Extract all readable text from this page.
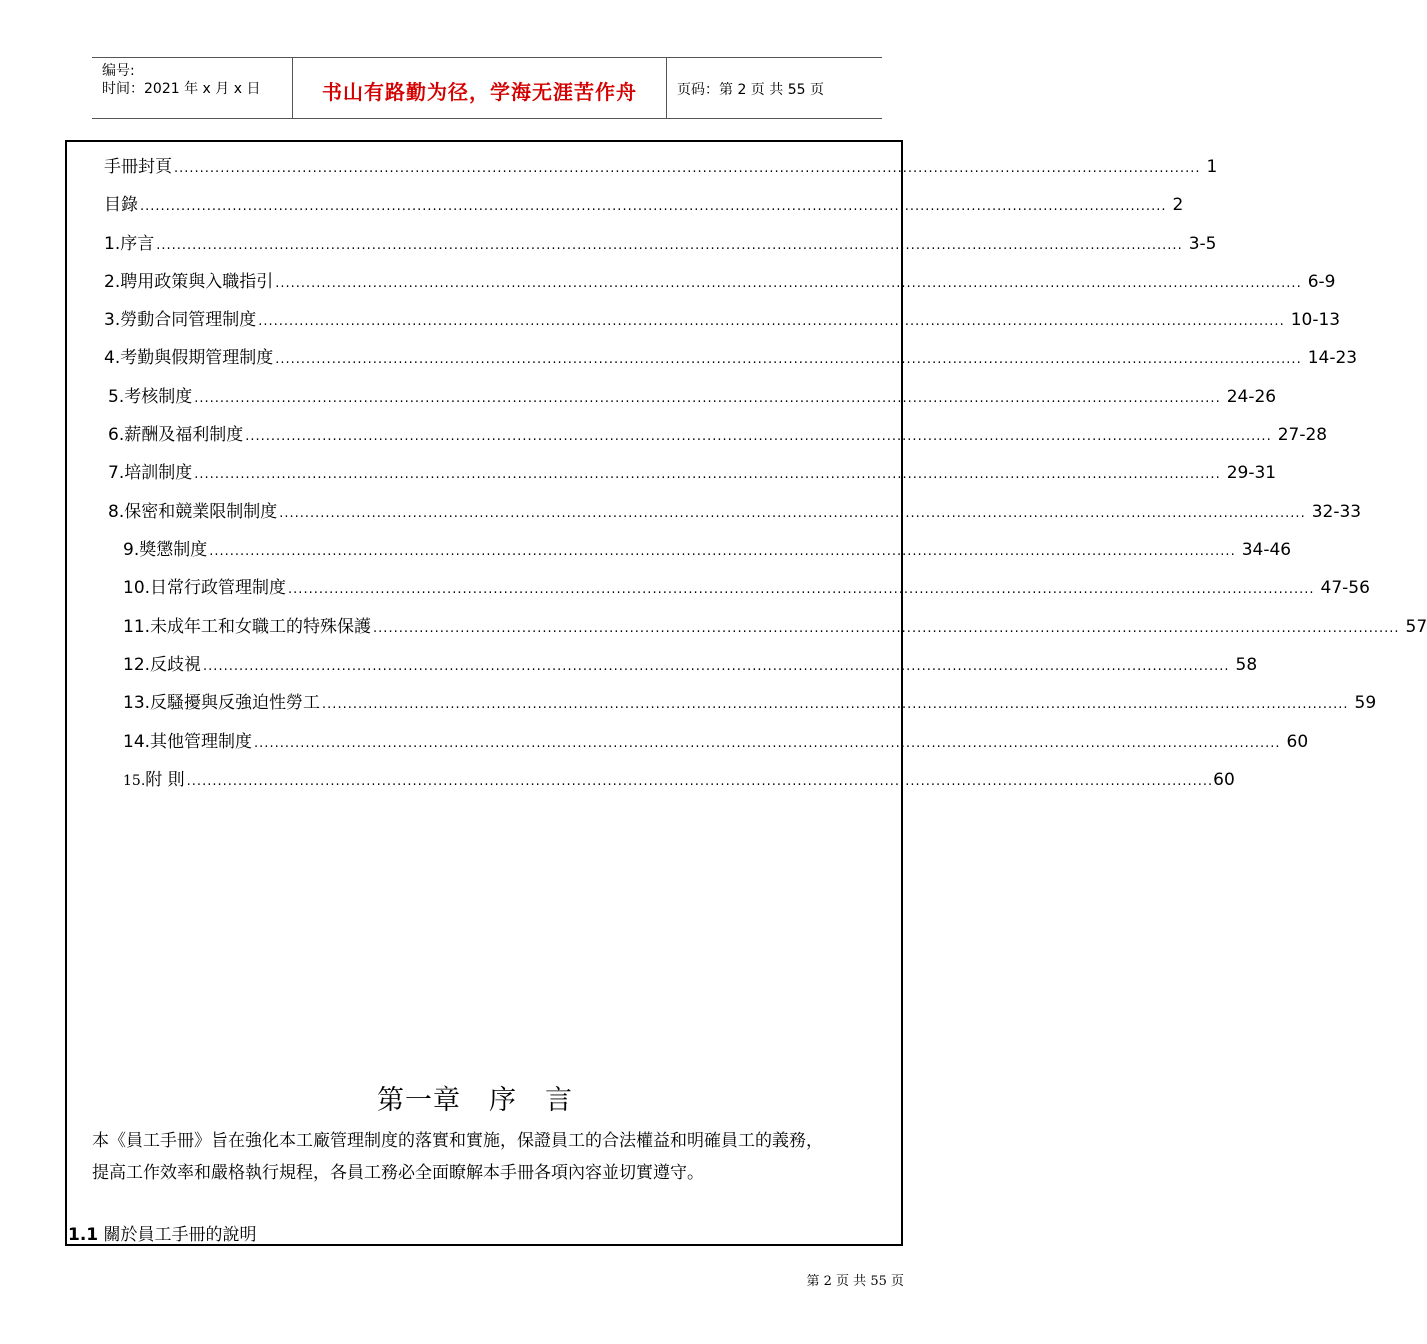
编号:
时间：2021 年 x 月 x 日	书山有路勤为径，学海无涯苦作舟	页码：第 2 页 共 55 页
手冊封頁 ........................................................................................................................................................................................................ 1
目錄 ........................................................................................................................................................................................................ 2
1.序言 ........................................................................................................................................................................................................ 3-5
2.聘用政策與入職指引 ........................................................................................................................................................................................................ 6-9
3.勞動合同管理制度 ........................................................................................................................................................................................................ 10-13
4.考勤與假期管理制度 ........................................................................................................................................................................................................ 14-23
5.考核制度 ........................................................................................................................................................................................................ 24-26
6.薪酬及福利制度 ........................................................................................................................................................................................................ 27-28
7.培訓制度 ........................................................................................................................................................................................................ 29-31
8.保密和競業限制制度 ........................................................................................................................................................................................................ 32-33
9.獎懲制度 ........................................................................................................................................................................................................ 34-46
10.日常行政管理制度 ........................................................................................................................................................................................................ 47-56
11.未成年工和女職工的特殊保護 ........................................................................................................................................................................................................ 57
12.反歧視 ........................................................................................................................................................................................................ 58
13.反騷擾與反強迫性勞工 ........................................................................................................................................................................................................ 59
14.其他管理制度 ........................................................................................................................................................................................................ 60
15.附 則 ........................................................................................................................................................................................................ 60
第一章　序　言
本《員工手冊》旨在強化本工廠管理制度的落實和實施，保證員工的合法權益和明確員工的義務，
提高工作效率和嚴格執行規程，各員工務必全面瞭解本手冊各項內容並切實遵守。
1.1 關於員工手冊的說明
第 2 页 共 55 页
